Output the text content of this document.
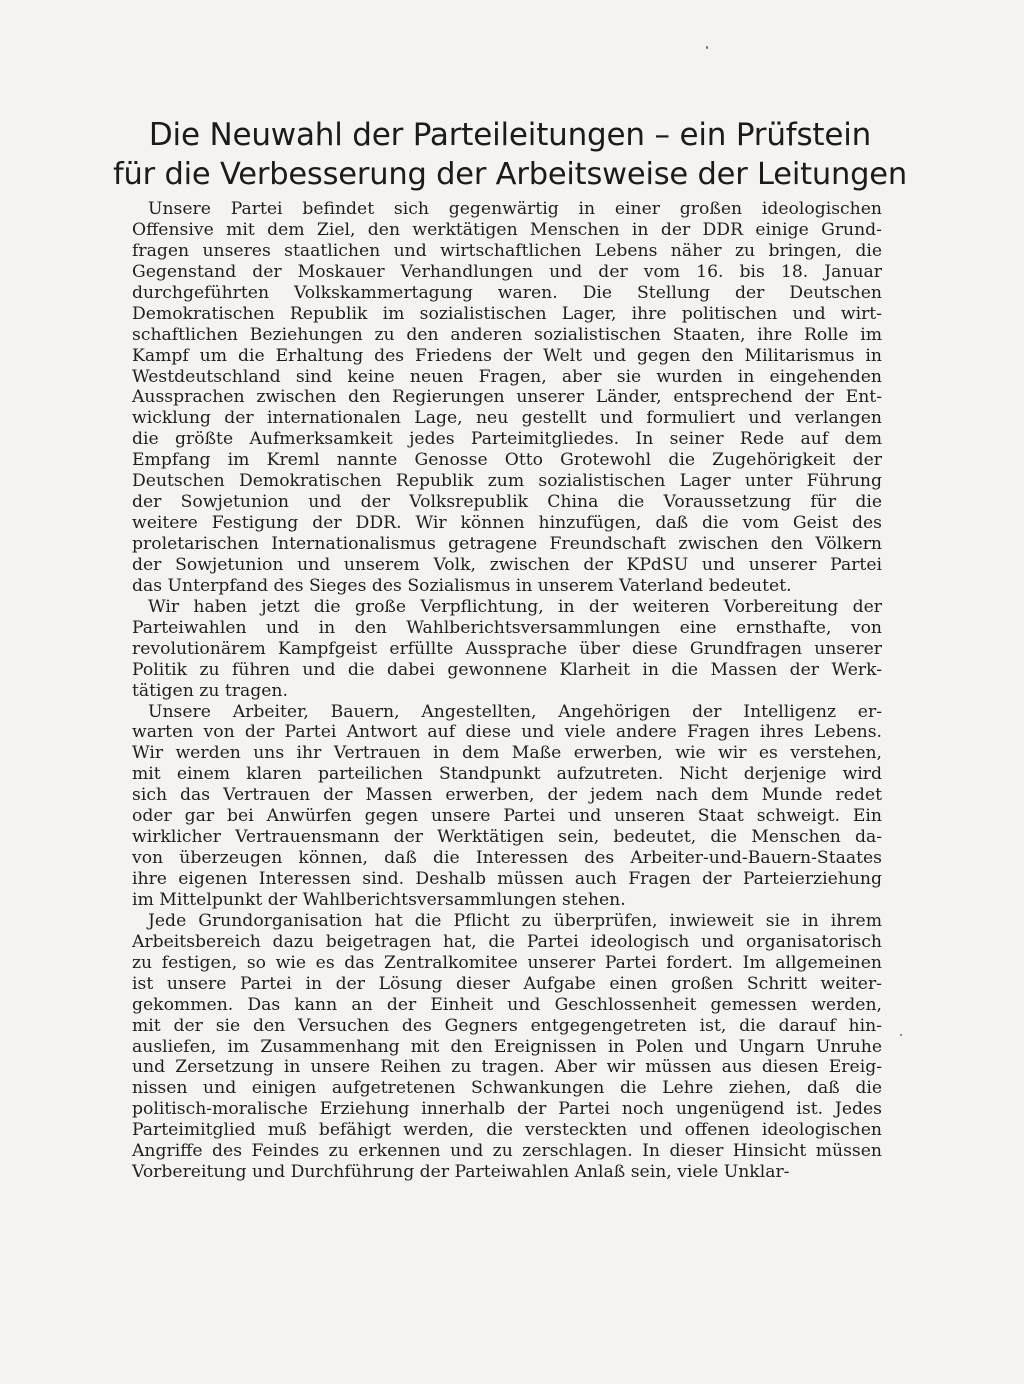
Die Neuwahl der Parteileitungen – ein Prüfstein
für die Verbesserung der Arbeitsweise der Leitungen
Unsere Partei befindet sich gegenwärtig in einer großen ideologischen
Offensive mit dem Ziel, den werktätigen Menschen in der DDR einige Grund-
fragen unseres staatlichen und wirtschaftlichen Lebens näher zu bringen, die
Gegenstand der Moskauer Verhandlungen und der vom 16. bis 18. Januar
durchgeführten Volkskammertagung waren. Die Stellung der Deutschen
Demokratischen Republik im sozialistischen Lager, ihre politischen und wirt-
schaftlichen Beziehungen zu den anderen sozialistischen Staaten, ihre Rolle im
Kampf um die Erhaltung des Friedens der Welt und gegen den Militarismus in
Westdeutschland sind keine neuen Fragen, aber sie wurden in eingehenden
Aussprachen zwischen den Regierungen unserer Länder, entsprechend der Ent-
wicklung der internationalen Lage, neu gestellt und formuliert und verlangen
die größte Aufmerksamkeit jedes Parteimitgliedes. In seiner Rede auf dem
Empfang im Kreml nannte Genosse Otto Grotewohl die Zugehörigkeit der
Deutschen Demokratischen Republik zum sozialistischen Lager unter Führung
der Sowjetunion und der Volksrepublik China die Voraussetzung für die
weitere Festigung der DDR. Wir können hinzufügen, daß die vom Geist des
proletarischen Internationalismus getragene Freundschaft zwischen den Völkern
der Sowjetunion und unserem Volk, zwischen der KPdSU und unserer Partei
das Unterpfand des Sieges des Sozialismus in unserem Vaterland bedeutet.
Wir haben jetzt die große Verpflichtung, in der weiteren Vorbereitung der
Parteiwahlen und in den Wahlberichtsversammlungen eine ernsthafte, von
revolutionärem Kampfgeist erfüllte Aussprache über diese Grundfragen unserer
Politik zu führen und die dabei gewonnene Klarheit in die Massen der Werk-
tätigen zu tragen.
Unsere Arbeiter, Bauern, Angestellten, Angehörigen der Intelligenz er-
warten von der Partei Antwort auf diese und viele andere Fragen ihres Lebens.
Wir werden uns ihr Vertrauen in dem Maße erwerben, wie wir es verstehen,
mit einem klaren parteilichen Standpunkt aufzutreten. Nicht derjenige wird
sich das Vertrauen der Massen erwerben, der jedem nach dem Munde redet
oder gar bei Anwürfen gegen unsere Partei und unseren Staat schweigt. Ein
wirklicher Vertrauensmann der Werktätigen sein, bedeutet, die Menschen da-
von überzeugen können, daß die Interessen des Arbeiter-und-Bauern-Staates
ihre eigenen Interessen sind. Deshalb müssen auch Fragen der Parteierziehung
im Mittelpunkt der Wahlberichtsversammlungen stehen.
Jede Grundorganisation hat die Pflicht zu überprüfen, inwieweit sie in ihrem
Arbeitsbereich dazu beigetragen hat, die Partei ideologisch und organisatorisch
zu festigen, so wie es das Zentralkomitee unserer Partei fordert. Im allgemeinen
ist unsere Partei in der Lösung dieser Aufgabe einen großen Schritt weiter-
gekommen. Das kann an der Einheit und Geschlossenheit gemessen werden,
mit der sie den Versuchen des Gegners entgegengetreten ist, die darauf hin-
ausliefen, im Zusammenhang mit den Ereignissen in Polen und Ungarn Unruhe
und Zersetzung in unsere Reihen zu tragen. Aber wir müssen aus diesen Ereig-
nissen und einigen aufgetretenen Schwankungen die Lehre ziehen, daß die
politisch-moralische Erziehung innerhalb der Partei noch ungenügend ist. Jedes
Parteimitglied muß befähigt werden, die versteckten und offenen ideologischen
Angriffe des Feindes zu erkennen und zu zerschlagen. In dieser Hinsicht müssen
Vorbereitung und Durchführung der Parteiwahlen Anlaß sein, viele Unklar-
